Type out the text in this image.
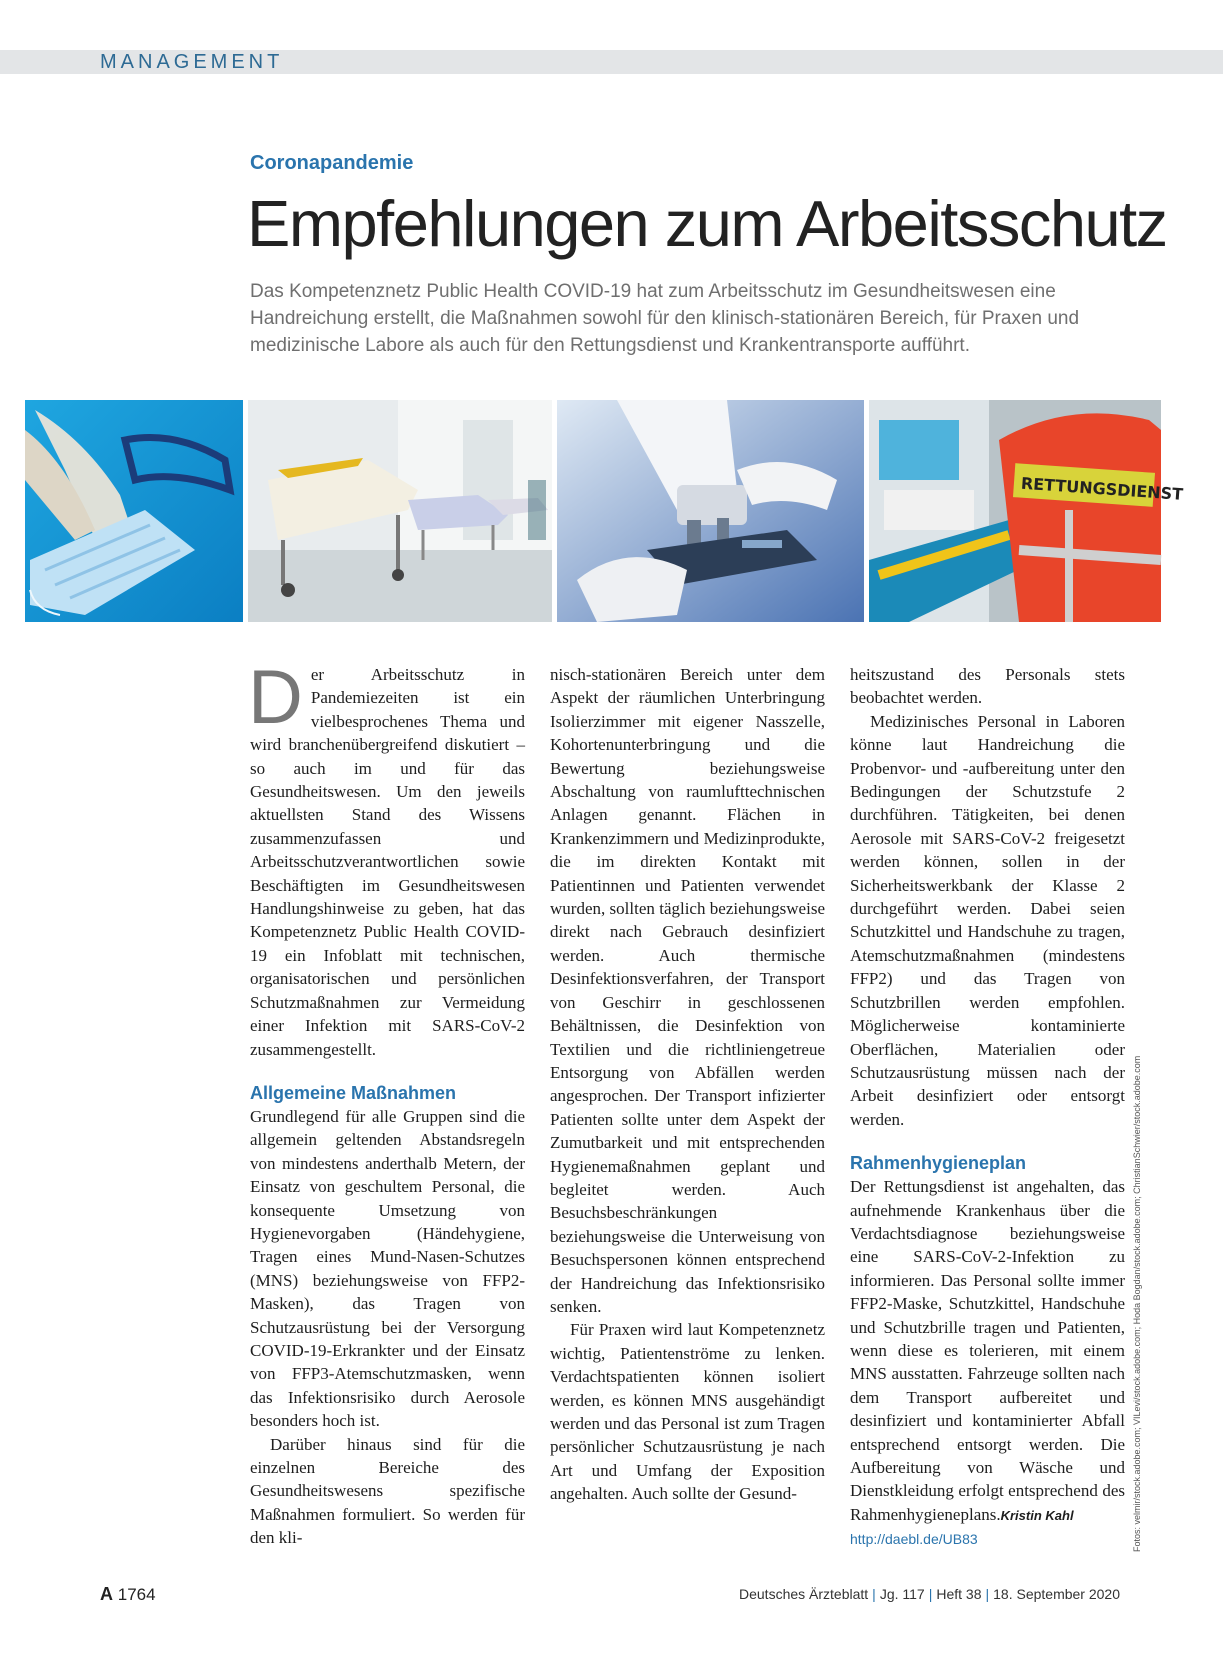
MANAGEMENT
Coronapandemie
Empfehlungen zum Arbeitsschutz

Das Kompetenznetz Public Health COVID-19 hat zum Arbeitsschutz im Gesundheitswesen eine Handreichung erstellt, die Maßnahmen sowohl für den klinisch-stationären Bereich, für Praxen und medizinische Labore als auch für den Rettungsdienst und Krankentransporte aufführt.

RETTUNGSDIENST

Der Arbeitsschutz in Pandemiezeiten ist ein vielbesprochenes Thema und wird branchenübergreifend diskutiert – so auch im und für das Gesundheitswesen. Um den jeweils aktuellsten Stand des Wissens zusammenzufassen und Arbeitsschutzverantwortlichen sowie Beschäftigten im Gesundheitswesen Handlungshinweise zu geben, hat das Kompetenznetz Public Health COVID-19 ein Infoblatt mit technischen, organisatorischen und persönlichen Schutzmaßnahmen zur Vermeidung einer Infektion mit SARS-CoV-2 zusammengestellt.

Allgemeine Maßnahmen

Grundlegend für alle Gruppen sind die allgemein geltenden Abstandsregeln von mindestens anderthalb Metern, der Einsatz von geschultem Personal, die konsequente Umsetzung von Hygienevorgaben (Händehygiene, Tragen eines Mund-Nasen-Schutzes (MNS) beziehungsweise von FFP2-Masken), das Tragen von Schutzausrüstung bei der Versorgung COVID-19-Erkrankter und der Einsatz von FFP3-Atemschutzmasken, wenn das Infektionsrisiko durch Aerosole besonders hoch ist.

Darüber hinaus sind für die einzelnen Bereiche des Gesundheitswesens spezifische Maßnahmen formuliert. So werden für den kli-

nisch-stationären Bereich unter dem Aspekt der räumlichen Unterbringung Isolierzimmer mit eigener Nasszelle, Kohortenunterbringung und die Bewertung beziehungsweise Abschaltung von raumlufttechnischen Anlagen genannt. Flächen in Krankenzimmern und Medizinprodukte, die im direkten Kontakt mit Patientinnen und Patienten verwendet wurden, sollten täglich beziehungsweise direkt nach Gebrauch desinfiziert werden. Auch thermische Desinfektionsverfahren, der Transport von Geschirr in geschlossenen Behältnissen, die Desinfektion von Textilien und die richtliniengetreue Entsorgung von Abfällen werden angesprochen. Der Transport infizierter Patienten sollte unter dem Aspekt der Zumutbarkeit und mit entsprechenden Hygienemaßnahmen geplant und begleitet werden. Auch Besuchsbeschränkungen beziehungsweise die Unterweisung von Besuchspersonen können entsprechend der Handreichung das Infektionsrisiko senken.

Für Praxen wird laut Kompetenznetz wichtig, Patientenströme zu lenken. Verdachtspatienten können isoliert werden, es können MNS ausgehändigt werden und das Personal ist zum Tragen persönlicher Schutzausrüstung je nach Art und Umfang der Exposition angehalten. Auch sollte der Gesund-

heitszustand des Personals stets beobachtet werden.

Medizinisches Personal in Laboren könne laut Handreichung die Probenvor- und -aufbereitung unter den Bedingungen der Schutzstufe 2 durchführen. Tätigkeiten, bei denen Aerosole mit SARS-CoV-2 freigesetzt werden können, sollen in der Sicherheitswerkbank der Klasse 2 durchgeführt werden. Dabei seien Schutzkittel und Handschuhe zu tragen, Atemschutzmaßnahmen (mindestens FFP2) und das Tragen von Schutzbrillen werden empfohlen. Möglicherweise kontaminierte Oberflächen, Materialien oder Schutzausrüstung müssen nach der Arbeit desinfiziert oder entsorgt werden.

Rahmenhygieneplan

Der Rettungsdienst ist angehalten, das aufnehmende Krankenhaus über die Verdachtsdiagnose beziehungsweise eine SARS-CoV-2-Infektion zu informieren. Das Personal sollte immer FFP2-Maske, Schutzkittel, Handschuhe und Schutzbrille tragen und Patienten, wenn diese es tolerieren, mit einem MNS ausstatten. Fahrzeuge sollten nach dem Transport aufbereitet und desinfiziert und kontaminierter Abfall entsprechend entsorgt werden. Die Aufbereitung von Wäsche und Dienstkleidung erfolgt entsprechend des Rahmenhygieneplans.Kristin Kahl

http://daebl.de/UB83	Fotos: velmir/stock.adobe.com; VILevi/stock.adobe.com; Hoda Bogdan/stock.adobe.com; ChristianSchwier/stock.adobe.com
A 1764	Deutsches Ärzteblatt | Jg. 117 | Heft 38 | 18. September 2020
